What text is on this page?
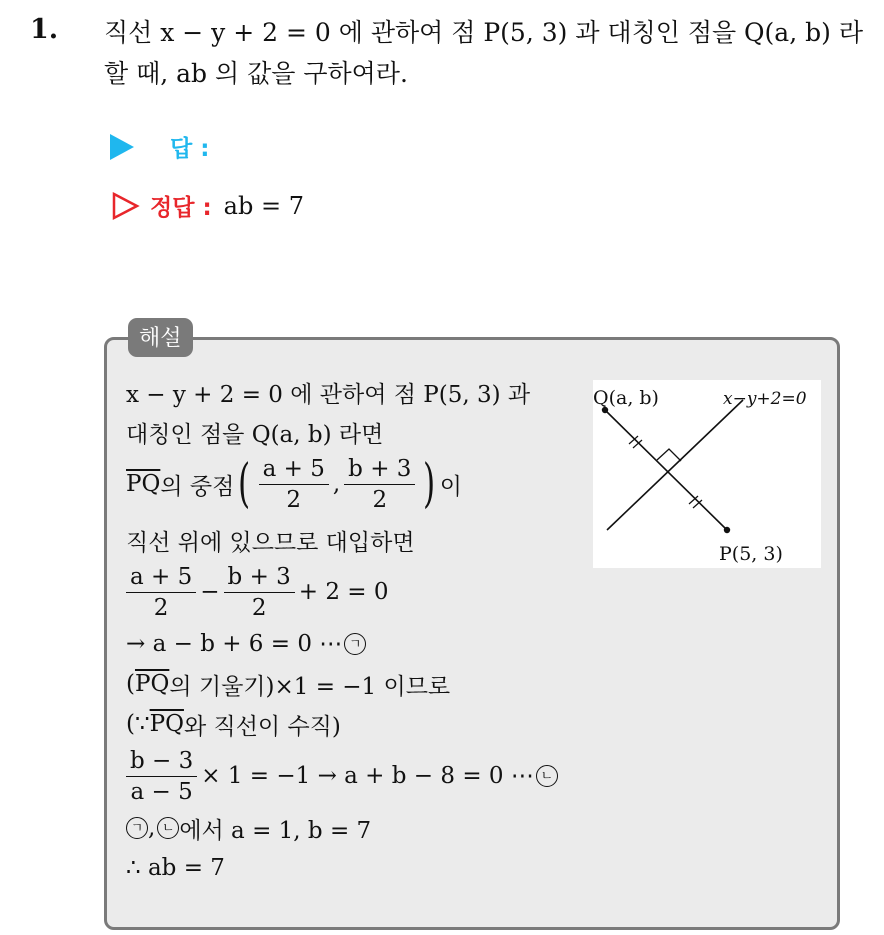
1. 직선 x − y + 2 = 0 에 관하여 점 P(5, 3) 과 대칭인 점을 Q(a, b) 라 할 때, ab 의 값을 구하여라.
답 :
정답 : ab = 7
해설
x − y + 2 = 0 에 관하여 점 P(5, 3) 과
대칭인 점을 Q(a, b) 라면
$\overline{PQ}$ 의 중점 ( $\frac{a + 5}{2}$ , $\frac{b + 3}{2}$ ) 이
직선 위에 있으므로 대입하면
$\frac{a + 5}{2} - \frac{b + 3}{2} + 2 = 0$
→ a − b + 6 = 0 ⋯ ㄱ
( $\overline{PQ}$ 의 기울기)×1 = −1 이므로
(∵ $\overline{PQ}$ 와 직선이 수직)
$\frac{b - 3}{a - 5} \times 1 = -1 \to a + b - 8 = 0$ ⋯ ㄴ
ㄱ , ㄴ 에서 a = 1, b = 7
∴ ab = 7
Q(a, b)	x−y+2=0
P(5, 3)
